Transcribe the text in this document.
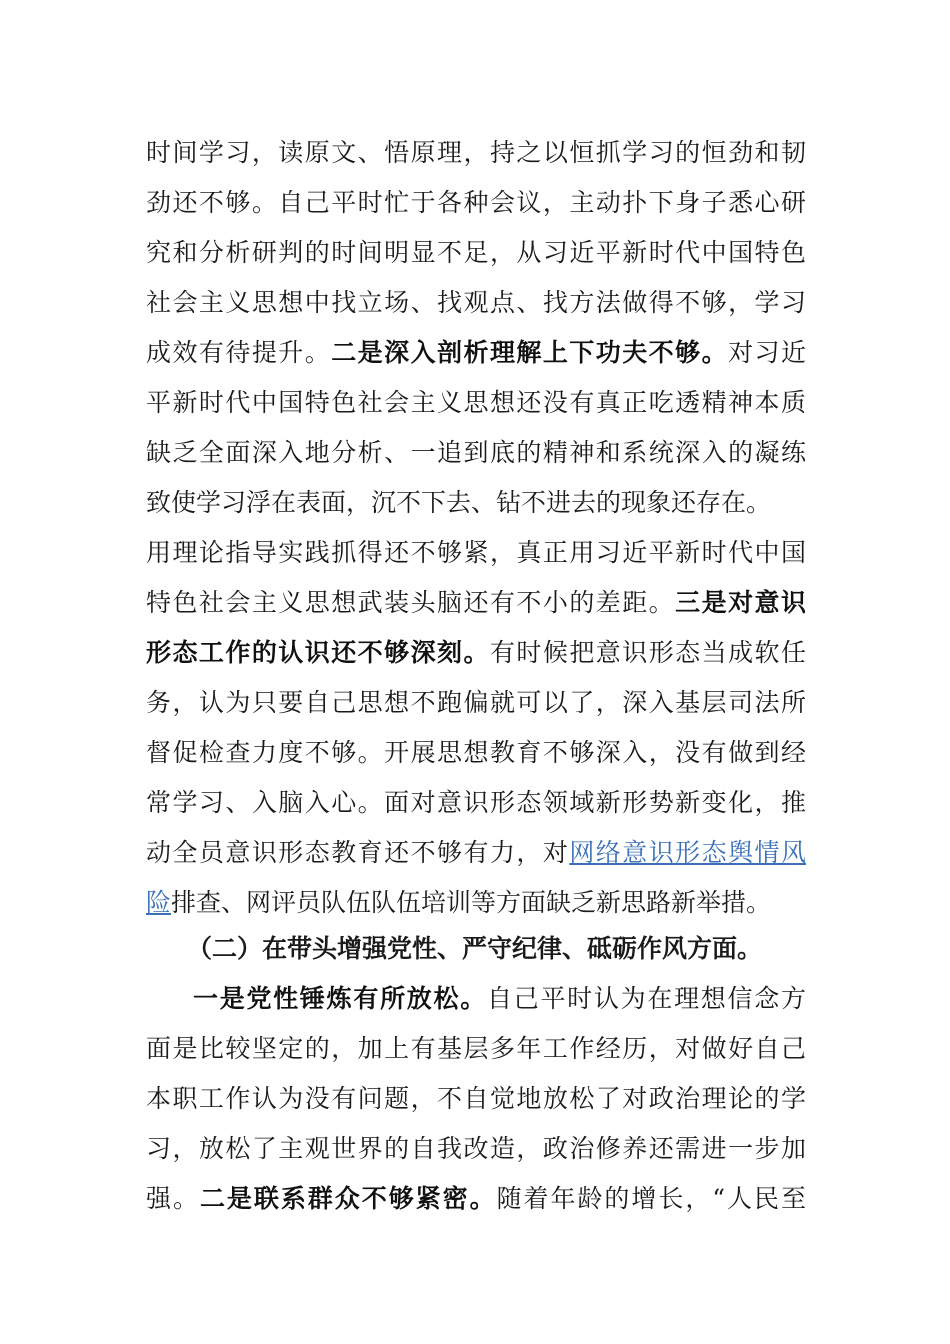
时间学习，读原文、悟原理，持之以恒抓学习的恒劲和韧
劲还不够。自己平时忙于各种会议，主动扑下身子悉心研
究和分析研判的时间明显不足，从习近平新时代中国特色
社会主义思想中找立场、找观点、找方法做得不够，学习
成效有待提升。二是深入剖析理解上下功夫不够。对习近
平新时代中国特色社会主义思想还没有真正吃透精神本质
缺乏全面深入地分析、一追到底的精神和系统深入的凝练
致使学习浮在表面，沉不下去、钻不进去的现象还存在。
用理论指导实践抓得还不够紧，真正用习近平新时代中国
特色社会主义思想武装头脑还有不小的差距。三是对意识
形态工作的认识还不够深刻。有时候把意识形态当成软任
务，认为只要自己思想不跑偏就可以了，深入基层司法所
督促检查力度不够。开展思想教育不够深入，没有做到经
常学习、入脑入心。面对意识形态领域新形势新变化，推
动全员意识形态教育还不够有力，对网络意识形态舆情风
险排查、网评员队伍队伍培训等方面缺乏新思路新举措。
（二）在带头增强党性、严守纪律、砥砺作风方面。
一是党性锤炼有所放松。自己平时认为在理想信念方
面是比较坚定的，加上有基层多年工作经历，对做好自己
本职工作认为没有问题，不自觉地放松了对政治理论的学
习，放松了主观世界的自我改造，政治修养还需进一步加
强。二是联系群众不够紧密。随着年龄的增长，“人民至
